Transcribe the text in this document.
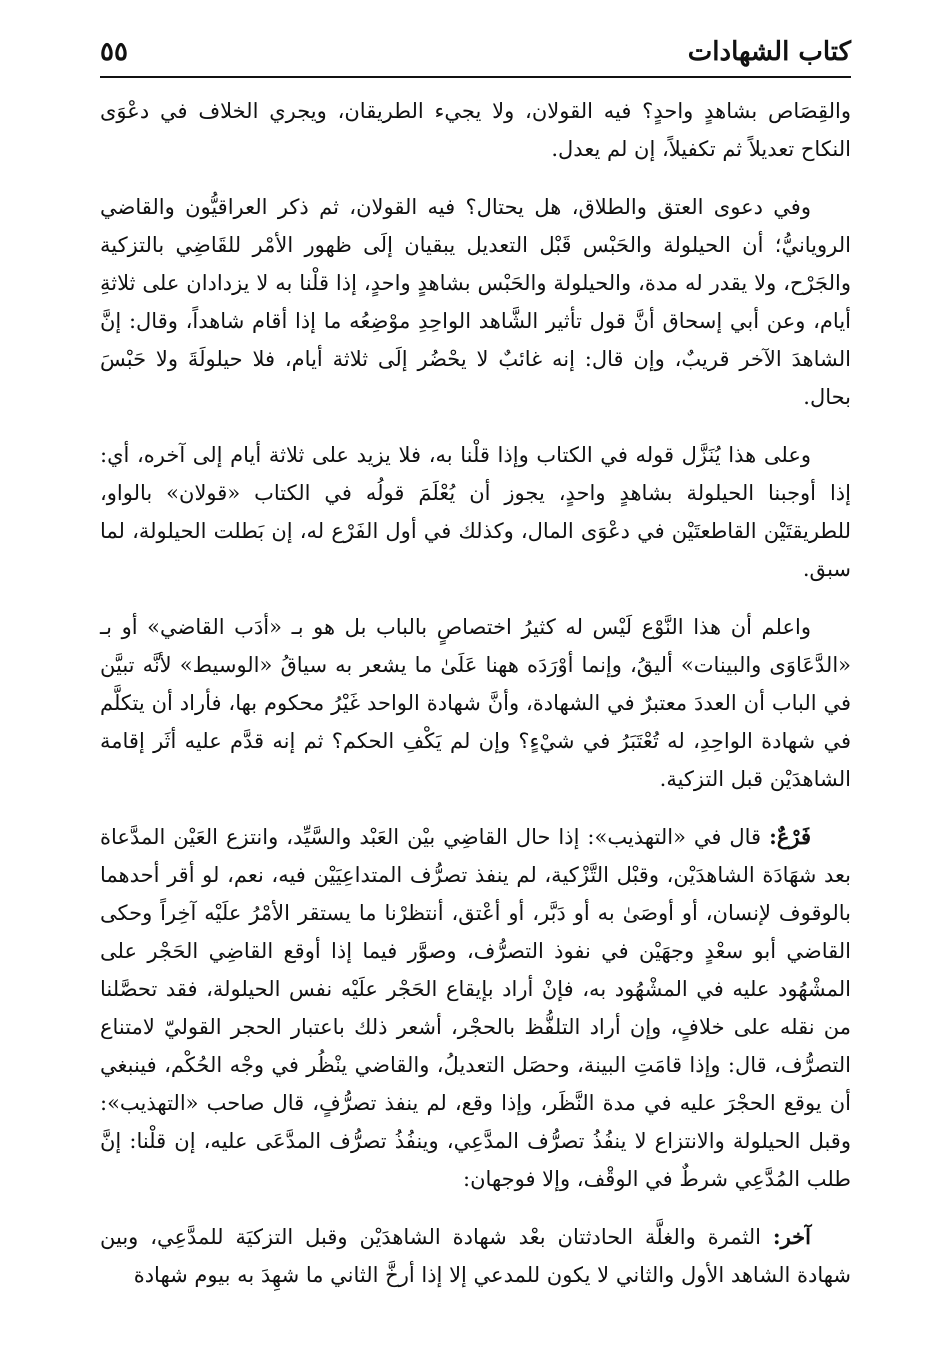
كتاب الشهادات
٥٥

والقِصَاص بشاهدٍ واحدٍ؟ فيه القولان، ولا يجيء الطريقان، ويجري الخلاف في دعْوَى النكاح تعديلاً ثم تكفيلاً، إن لم يعدل.

وفي دعوى العتق والطلاق، هل يحتال؟ فيه القولان، ثم ذكر العراقيُّون والقاضي الرويانيُّ؛ أن الحيلولة والحَبْس قَبْل التعديل يبقيان إلَى ظهور الأمْر للقَاضِي بالتزكية والجَرْح، ولا يقدر له مدة، والحيلولة والحَبْس بشاهدٍ واحدٍ، إذا قلْنا به لا يزدادان على ثلاثةِ أيام، وعن أبي إسحاق أنَّ قول تأثير الشَّاهد الواحِدِ موْضِعُه ما إذا أقام شاهداً، وقال: إنَّ الشاهدَ الآخر قريبٌ، وإن قال: إنه غائبٌ لا يحْضُر إلَى ثلاثة أيام، فلا حيلولَةَ ولا حَبْسَ بحال.

وعلى هذا يُنَزَّل قوله في الكتاب وإذا قلْنا به، فلا يزيد على ثلاثة أيام إلى آخره، أي: إذا أوجبنا الحيلولة بشاهدٍ واحدٍ، يجوز أن يُعْلَمَ قولُه في الكتاب «قولان» بالواو، للطريقتَيْن القاطعتَيْن في دعْوَى المال، وكذلك في أول الفَرْع له، إن بَطلت الحيلولة، لما سبق.

واعلم أن هذا النَّوْع لَيْس له كثيرُ اختصاصٍ بالباب بل هو بـ «أدَب القاضي» أو بـ «الدَّعَاوَى والبينات» أليقُ، وإنما أوْرَدَه ههنا عَلَىٰ ما يشعر به سياقُ «الوسيط» لأنَّه تبيَّن في الباب أن العددَ معتبرٌ في الشهادة، وأنَّ شهادة الواحد غَيْرُ محكوم بها، فأراد أن يتكلَّم في شهادة الواحِدِ، له تُعْتَبَرُ في شيْءٍ؟ وإن لم يَكْفِ الحكم؟ ثم إنه قدَّم عليه أثَر إقامة الشاهدَيْن قبل التزكية.

فَرْعٌ: قال في «التهذيب»: إذا حال القاضِي بيْن العَبْد والسَّيِّد، وانتزع العَيْن المدَّعاة بعد شهَادَة الشاهدَيْن، وقبْل التَّزْكية، لم ينفذ تصرُّف المتداعِيَيْن فيه، نعم، لو أقر أحدهما بالوقوف لإنسان، أو أوصَىٰ به أو دَبَّر، أو أعْتق، أنتظرْنا ما يستقر الأمْرُ علَيْه آخِراً وحكى القاضي أبو سعْدٍ وجهَيْن في نفوذ التصرُّف، وصوَّر فيما إذا أوقع القاضِي الحَجْر على المشْهُود عليه في المشْهُود به، فإنْ أراد بإيقاع الحَجْر علَيْه نفس الحيلولة، فقد تحصَّلنا من نقله على خلافٍ، وإن أراد التلفُّظ بالحجْر، أشعر ذلك باعتبار الحجر القوليّ لامتناع التصرُّف، قال: وإذا قامَتِ البينة، وحصَل التعديلُ، والقاضي ينْظُر في وجْه الحُكْم، فينبغي أن يوقع الحجْرَ عليه في مدة النَّظَر، وإذا وقع، لم ينفذ تصرُّفٍ، قال صاحب «التهذيب»: وقبل الحيلولة والانتزاع لا ينفُذُ تصرُّف المدَّعِي، وينفُذُ تصرُّف المدَّعَى عليه، إن قلْنا: إنَّ طلب المُدَّعِي شرطٌ في الوقْف، وإلا فوجهان:

آخر: الثمرة والغلَّة الحادثتان بعْد شهادة الشاهدَيْن وقبل التزكيَة للمدَّعِي، وبين شهادة الشاهد الأول والثاني لا يكون للمدعي إلا إذا أرخَّ الثاني ما شهِدَ به بيوم شهادة
